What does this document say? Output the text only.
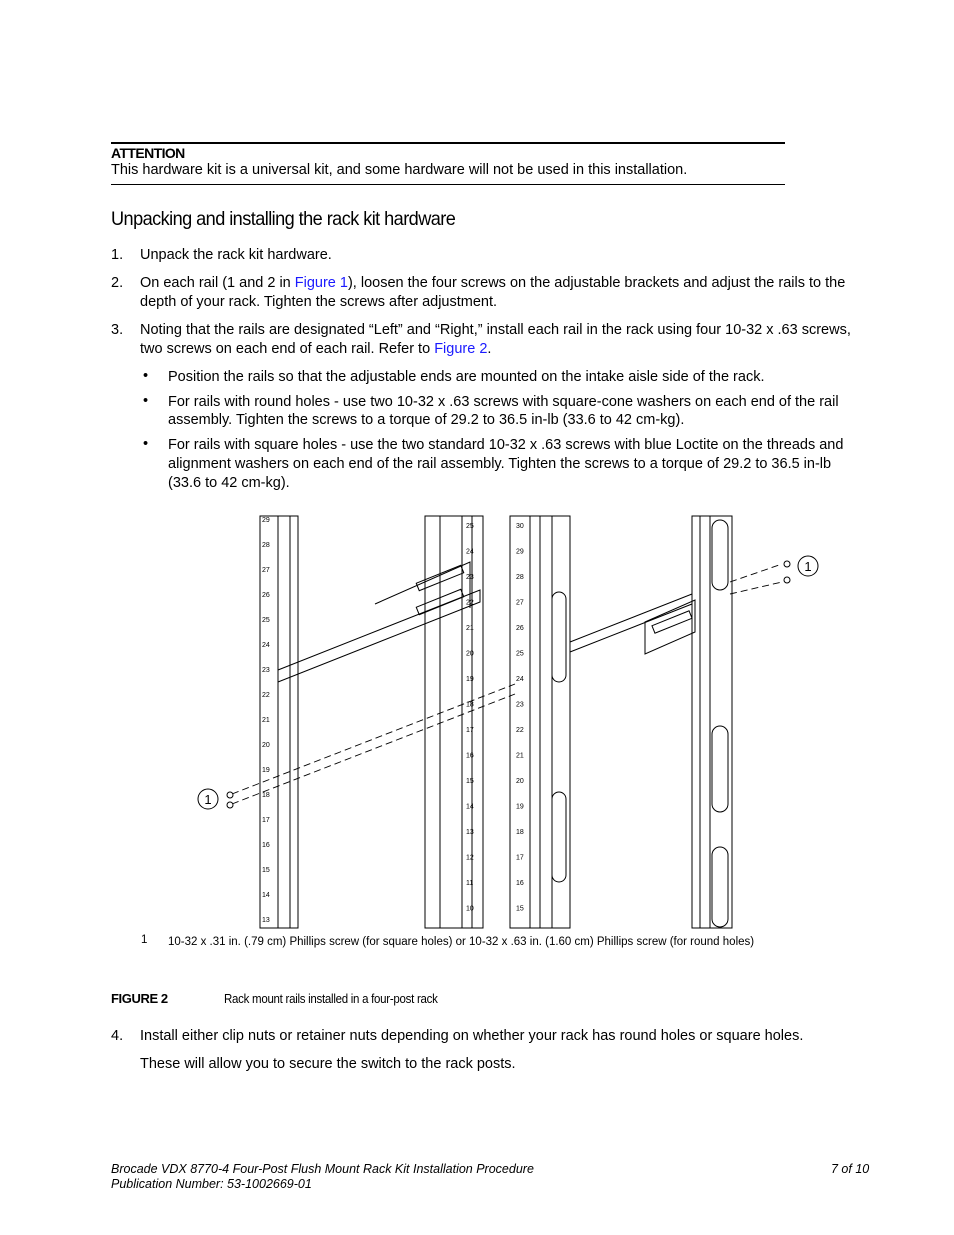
ATTENTION
This hardware kit is a universal kit, and some hardware will not be used in this installation.
Unpacking and installing the rack kit hardware
1. Unpack the rack kit hardware.
2. On each rail (1 and 2 in Figure 1), loosen the four screws on the adjustable brackets and adjust the rails to the
depth of your rack. Tighten the screws after adjustment.
3. Noting that the rails are designated “Left” and “Right,” install each rail in the rack using four 10-32 x .63 screws,
two screws on each end of each rail. Refer to Figure 2.
• Position the rails so that the adjustable ends are mounted on the intake aisle side of the rack.
• For rails with round holes - use two 10-32 x .63 screws with square-cone washers on each end of the rail
assembly. Tighten the screws to a torque of 29.2 to 36.5 in-lb (33.6 to 42 cm-kg).
• For rails with square holes - use the two standard 10-32 x .63 screws with blue Loctite on the threads and
alignment washers on each end of the rail assembly. Tighten the screws to a torque of 29.2 to 36.5 in-lb
(33.6 to 42 cm-kg).
1
1
29
28
27
26
25
24
23
22
21
20
19
18
17
16
15
14
13
25
24
23
22
21
20
19
18
17
16
15
14
13
12
11
10
30
29
28
27
26
25
24
23
22
21
20
19
18
17
16
15
1 10-32 x .31 in. (.79 cm) Phillips screw (for square holes) or 10-32 x .63 in. (1.60 cm) Phillips screw (for round holes)
FIGURE 2	Rack mount rails installed in a four-post rack
4. Install either clip nuts or retainer nuts depending on whether your rack has round holes or square holes.
These will allow you to secure the switch to the rack posts.
Brocade VDX 8770-4 Four-Post Flush Mount Rack Kit Installation Procedure
Publication Number: 53-1002669-01
7 of 10
